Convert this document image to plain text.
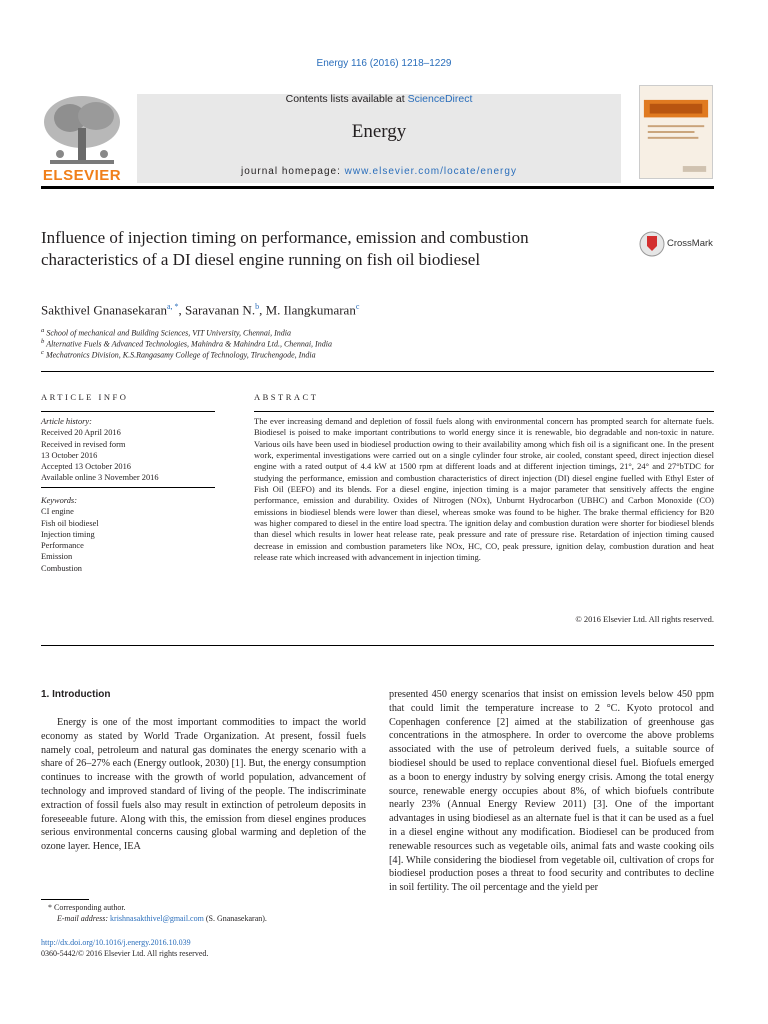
Energy 116 (2016) 1218–1229
Contents lists available at ScienceDirect
Energy
journal homepage: www.elsevier.com/locate/energy
ELSEVIER
Influence of injection timing on performance, emission and combustion characteristics of a DI diesel engine running on fish oil biodiesel
CrossMark
Sakthivel Gnanasekaran$^{a, *}$, Saravanan N.$^b$, M. Ilangkumaran$^c$
$^a$ School of mechanical and Building Sciences, VIT University, Chennai, India
$^b$ Alternative Fuels & Advanced Technologies, Mahindra & Mahindra Ltd., Chennai, India
$^c$ Mechatronics Division, K.S.Rangasamy College of Technology, Tiruchengode, India
ARTICLE INFO
Article history:
Received 20 April 2016
Received in revised form
13 October 2016
Accepted 13 October 2016
Available online 3 November 2016
Keywords:
CI engine
Fish oil biodiesel
Injection timing
Performance
Emission
Combustion
ABSTRACT
The ever increasing demand and depletion of fossil fuels along with environmental concern has prompted search for alternate fuels. Biodiesel is poised to make important contributions to world energy since it is renewable, bio degradable and non-toxic in nature. Various oils have been used in biodiesel production owing to their availability among which fish oil is a significant one. In the present work, experimental investigations were carried out on a single cylinder four stroke, air cooled, constant speed, direct injection diesel engine with a rated output of 4.4 kW at 1500 rpm at different loads and at different injection timings, 21°, 24° and 27°bTDC for studying the performance, emission and combustion characteristics of direct injection (DI) diesel engine fuelled with Ethyl Ester of Fish Oil (EEFO) and its blends. For a diesel engine, injection timing is a major parameter that sensitively affects the engine performance, emission and durability. Oxides of Nitrogen (NOx), Unburnt Hydrocarbon (UBHC) and Carbon Monoxide (CO) emissions in biodiesel blends were lower than diesel, whereas smoke was found to be higher. The brake thermal efficiency for B20 was higher compared to diesel in the entire load spectra. The ignition delay and combustion duration were shorter for biodiesel blends than diesel which results in lower heat release rate, peak pressure and rate of pressure rise. Retardation of injection timing caused decrease in emission and combustion parameters like NOx, HC, CO, peak pressure, ignition delay, combustion duration and heat release rate which increased with advancement in injection timing.
© 2016 Elsevier Ltd. All rights reserved.
1. Introduction
Energy is one of the most important commodities to impact the world economy as stated by World Trade Organization. At present, fossil fuels namely coal, petroleum and natural gas dominates the energy scenario with a share of 26–27% each (Energy outlook, 2030) [1]. But, the energy consumption continues to increase with the growth of world population, advancement of technology and improved standard of living of the people. The indiscriminate extraction of fossil fuels also may result in extinction of petroleum deposits in foreseeable future. Along with this, the emission from diesel engines produces serious environmental concerns causing global warming and depletion of the ozone layer. Hence, IEA
presented 450 energy scenarios that insist on emission levels below 450 ppm that could limit the temperature increase to 2 °C. Kyoto protocol and Copenhagen conference [2] aimed at the stabilization of greenhouse gas concentrations in the atmosphere. In order to overcome the above problems associated with the use of petroleum derived fuels, a suitable source of biodiesel should be used to replace conventional diesel fuel. Biofuels emerged as a boon to energy industry by solving energy crisis. Among the total energy source, renewable energy occupies about 8%, of which biofuels contribute nearly 23% (Annual Energy Review 2011) [3]. One of the important advantages in using biodiesel as an alternate fuel is that it can be used as a fuel in a diesel engine without any modification. Biodiesel can be produced from renewable resources such as vegetable oils, animal fats and waste cooking oils [4]. While considering the biodiesel from vegetable oil, cultivation of crops for biodiesel production poses a threat to food security and contributes to decline in soil fertility. The oil percentage and the yield per
* Corresponding author.
E-mail address: krishnasakthivel@gmail.com (S. Gnanasekaran).
http://dx.doi.org/10.1016/j.energy.2016.10.039
0360-5442/© 2016 Elsevier Ltd. All rights reserved.
